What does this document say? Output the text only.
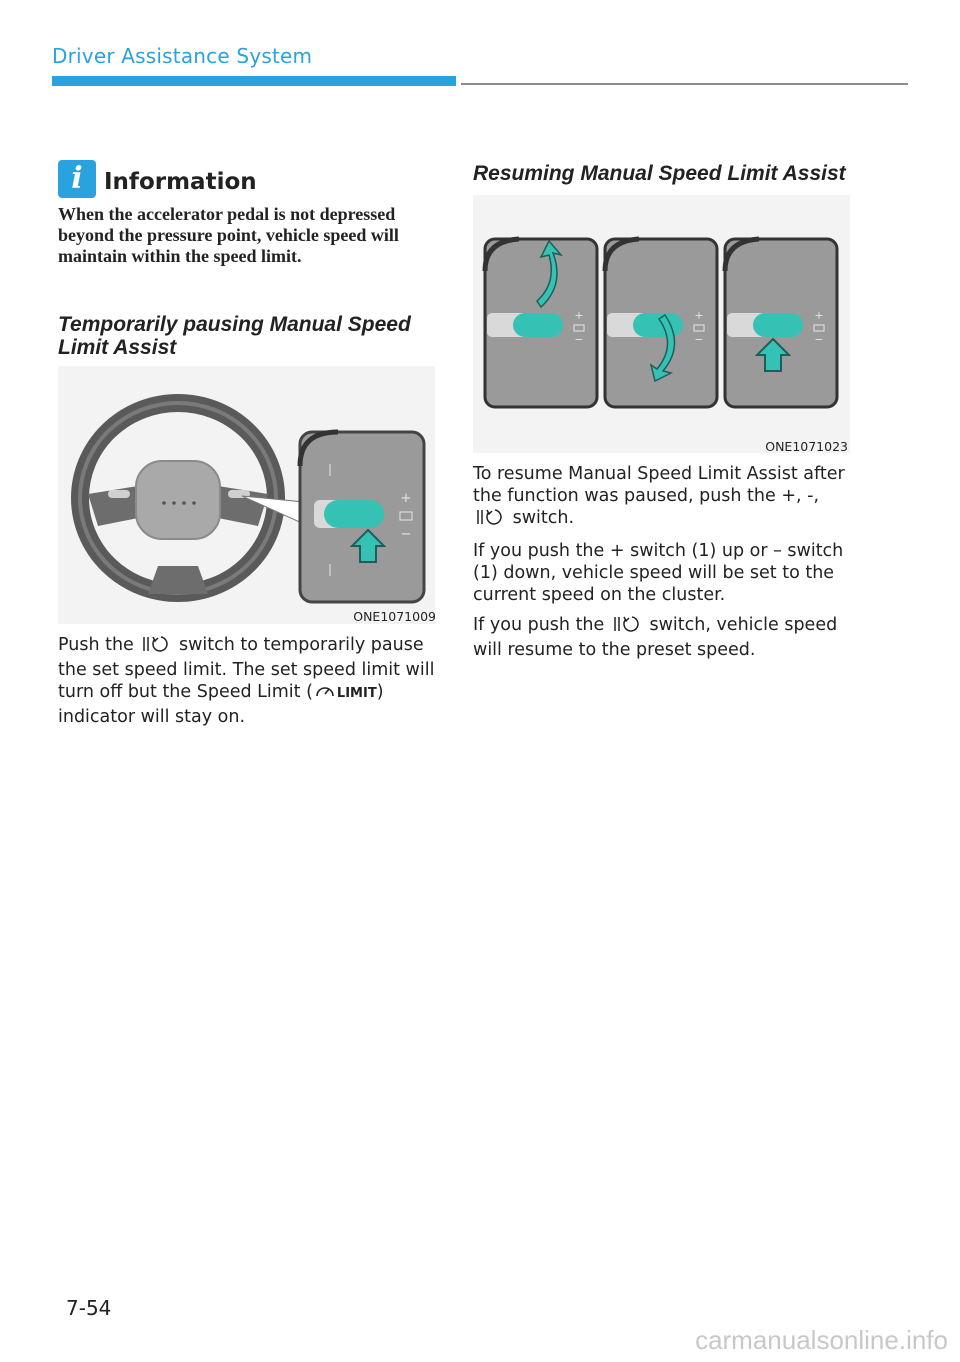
Driver Assistance System
i Information
When the accelerator pedal is not depressed beyond the pressure point, vehicle speed will maintain within the speed limit.
Temporarily pausing Manual Speed Limit Assist
+
−
ONE1071009
Push the	switch to temporarily pause the set speed limit. The set speed limit will turn off but the Speed Limit ( LIMIT) indicator will stay on.
Resuming Manual Speed Limit Assist
+
−
+
−
+
−
ONE1071023

To resume Manual Speed Limit Assist after the function was paused, push the +, -,  switch.

If you push the + switch (1) up or – switch (1) down, vehicle speed will be set to the current speed on the cluster.

If you push the	switch, vehicle speed will resume to the preset speed.

7-54
carmanualsonline.info
